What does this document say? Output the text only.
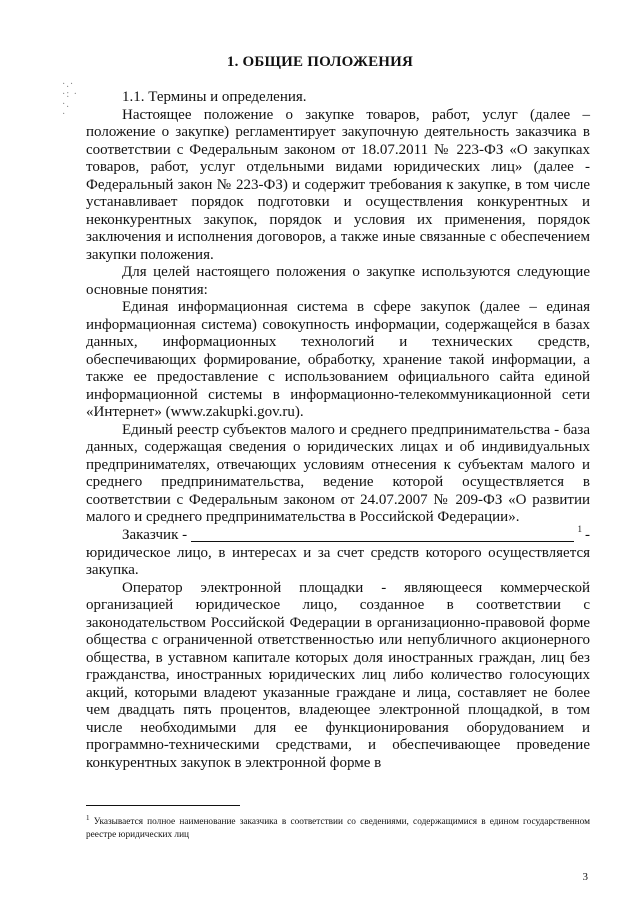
1. ОБЩИЕ ПОЛОЖЕНИЯ
·.·
·: ·
·.
·

1.1. Термины и определения.

Настоящее положение о закупке товаров, работ, услуг (далее – положение о закупке) регламентирует закупочную деятельность заказчика в соответствии с Федеральным законом от 18.07.2011 № 223-ФЗ «О закупках товаров, работ, услуг отдельными видами юридических лиц» (далее - Федеральный закон № 223-ФЗ) и содержит требования к закупке, в том числе устанавливает порядок подготовки и осуществления конкурентных и неконкурентных закупок, порядок и условия их применения, порядок заключения и исполнения договоров, а также иные связанные с обеспечением закупки положения.

Для целей настоящего положения о закупке используются следующие основные понятия:

Единая информационная система в сфере закупок (далее – единая информационная система) совокупность информации, содержащейся в базах данных, информационных технологий и технических средств, обеспечивающих формирование, обработку, хранение такой информации, а также ее предоставление с использованием официального сайта единой информационной системы в информационно-телекоммуникационной сети «Интернет» (www.zakupki.gov.ru).

Единый реестр субъектов малого и среднего предпринимательства - база данных, содержащая сведения о юридических лицах и об индивидуальных предпринимателях, отвечающих условиям отнесения к субъектам малого и среднего предпринимательства, ведение которой осуществляется в соответствии с Федеральным законом от 24.07.2007 № 209-ФЗ «О развитии малого и среднего предпринимательства в Российской Федерации».

Заказчик -	$^1$ -

юридическое лицо, в интересах и за счет средств которого осуществляется закупка.

Оператор электронной площадки - являющееся коммерческой организацией юридическое лицо, созданное в соответствии с законодательством Российской Федерации в организационно-правовой форме общества с ограниченной ответственностью или непубличного акционерного общества, в уставном капитале которых доля иностранных граждан, лиц без гражданства, иностранных юридических лиц либо количество голосующих акций, которыми владеют указанные граждане и лица, составляет не более чем двадцать пять процентов, владеющее электронной площадкой, в том числе необходимыми для ее функционирования оборудованием и программно-техническими средствами, и обеспечивающее проведение конкурентных закупок в электронной форме в

$^1$ Указывается полное наименование заказчика в соответствии со сведениями, содержащимися в едином государственном реестре юридических лиц
3
